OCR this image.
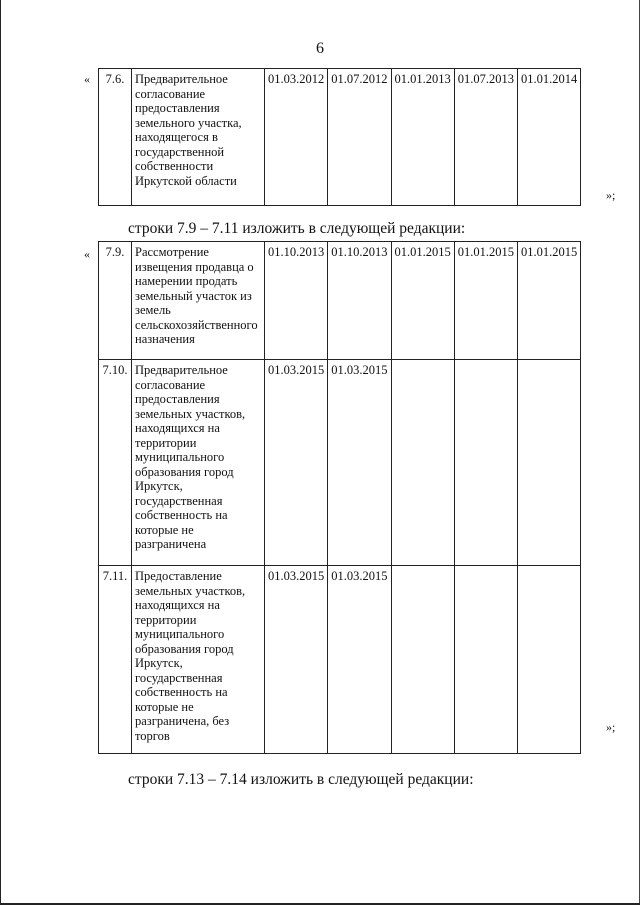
6
« 7.6.	Предварительное согласование предоставления земельного участка, находящегося в государственной собственности Иркутской области	01.03.2012	01.07.2012	01.01.2013	01.07.2013	01.01.2014
»;
строки 7.9 – 7.11 изложить в следующей редакции:
« 7.9.	Рассмотрение извещения продавца о намерении продать земельный участок из земель сельскохозяйственного назначения	01.10.2013	01.10.2013	01.01.2015	01.01.2015	01.01.2015
7.10.	Предварительное согласование предоставления земельных участков, находящихся на территории муниципального образования город Иркутск, государственная собственность на которые не разграничена	01.03.2015	01.03.2015			
7.11.	Предоставление земельных участков, находящихся на территории муниципального образования город Иркутск, государственная собственность на которые не разграничена, без торгов	01.03.2015	01.03.2015			
»;
строки 7.13 – 7.14 изложить в следующей редакции:
